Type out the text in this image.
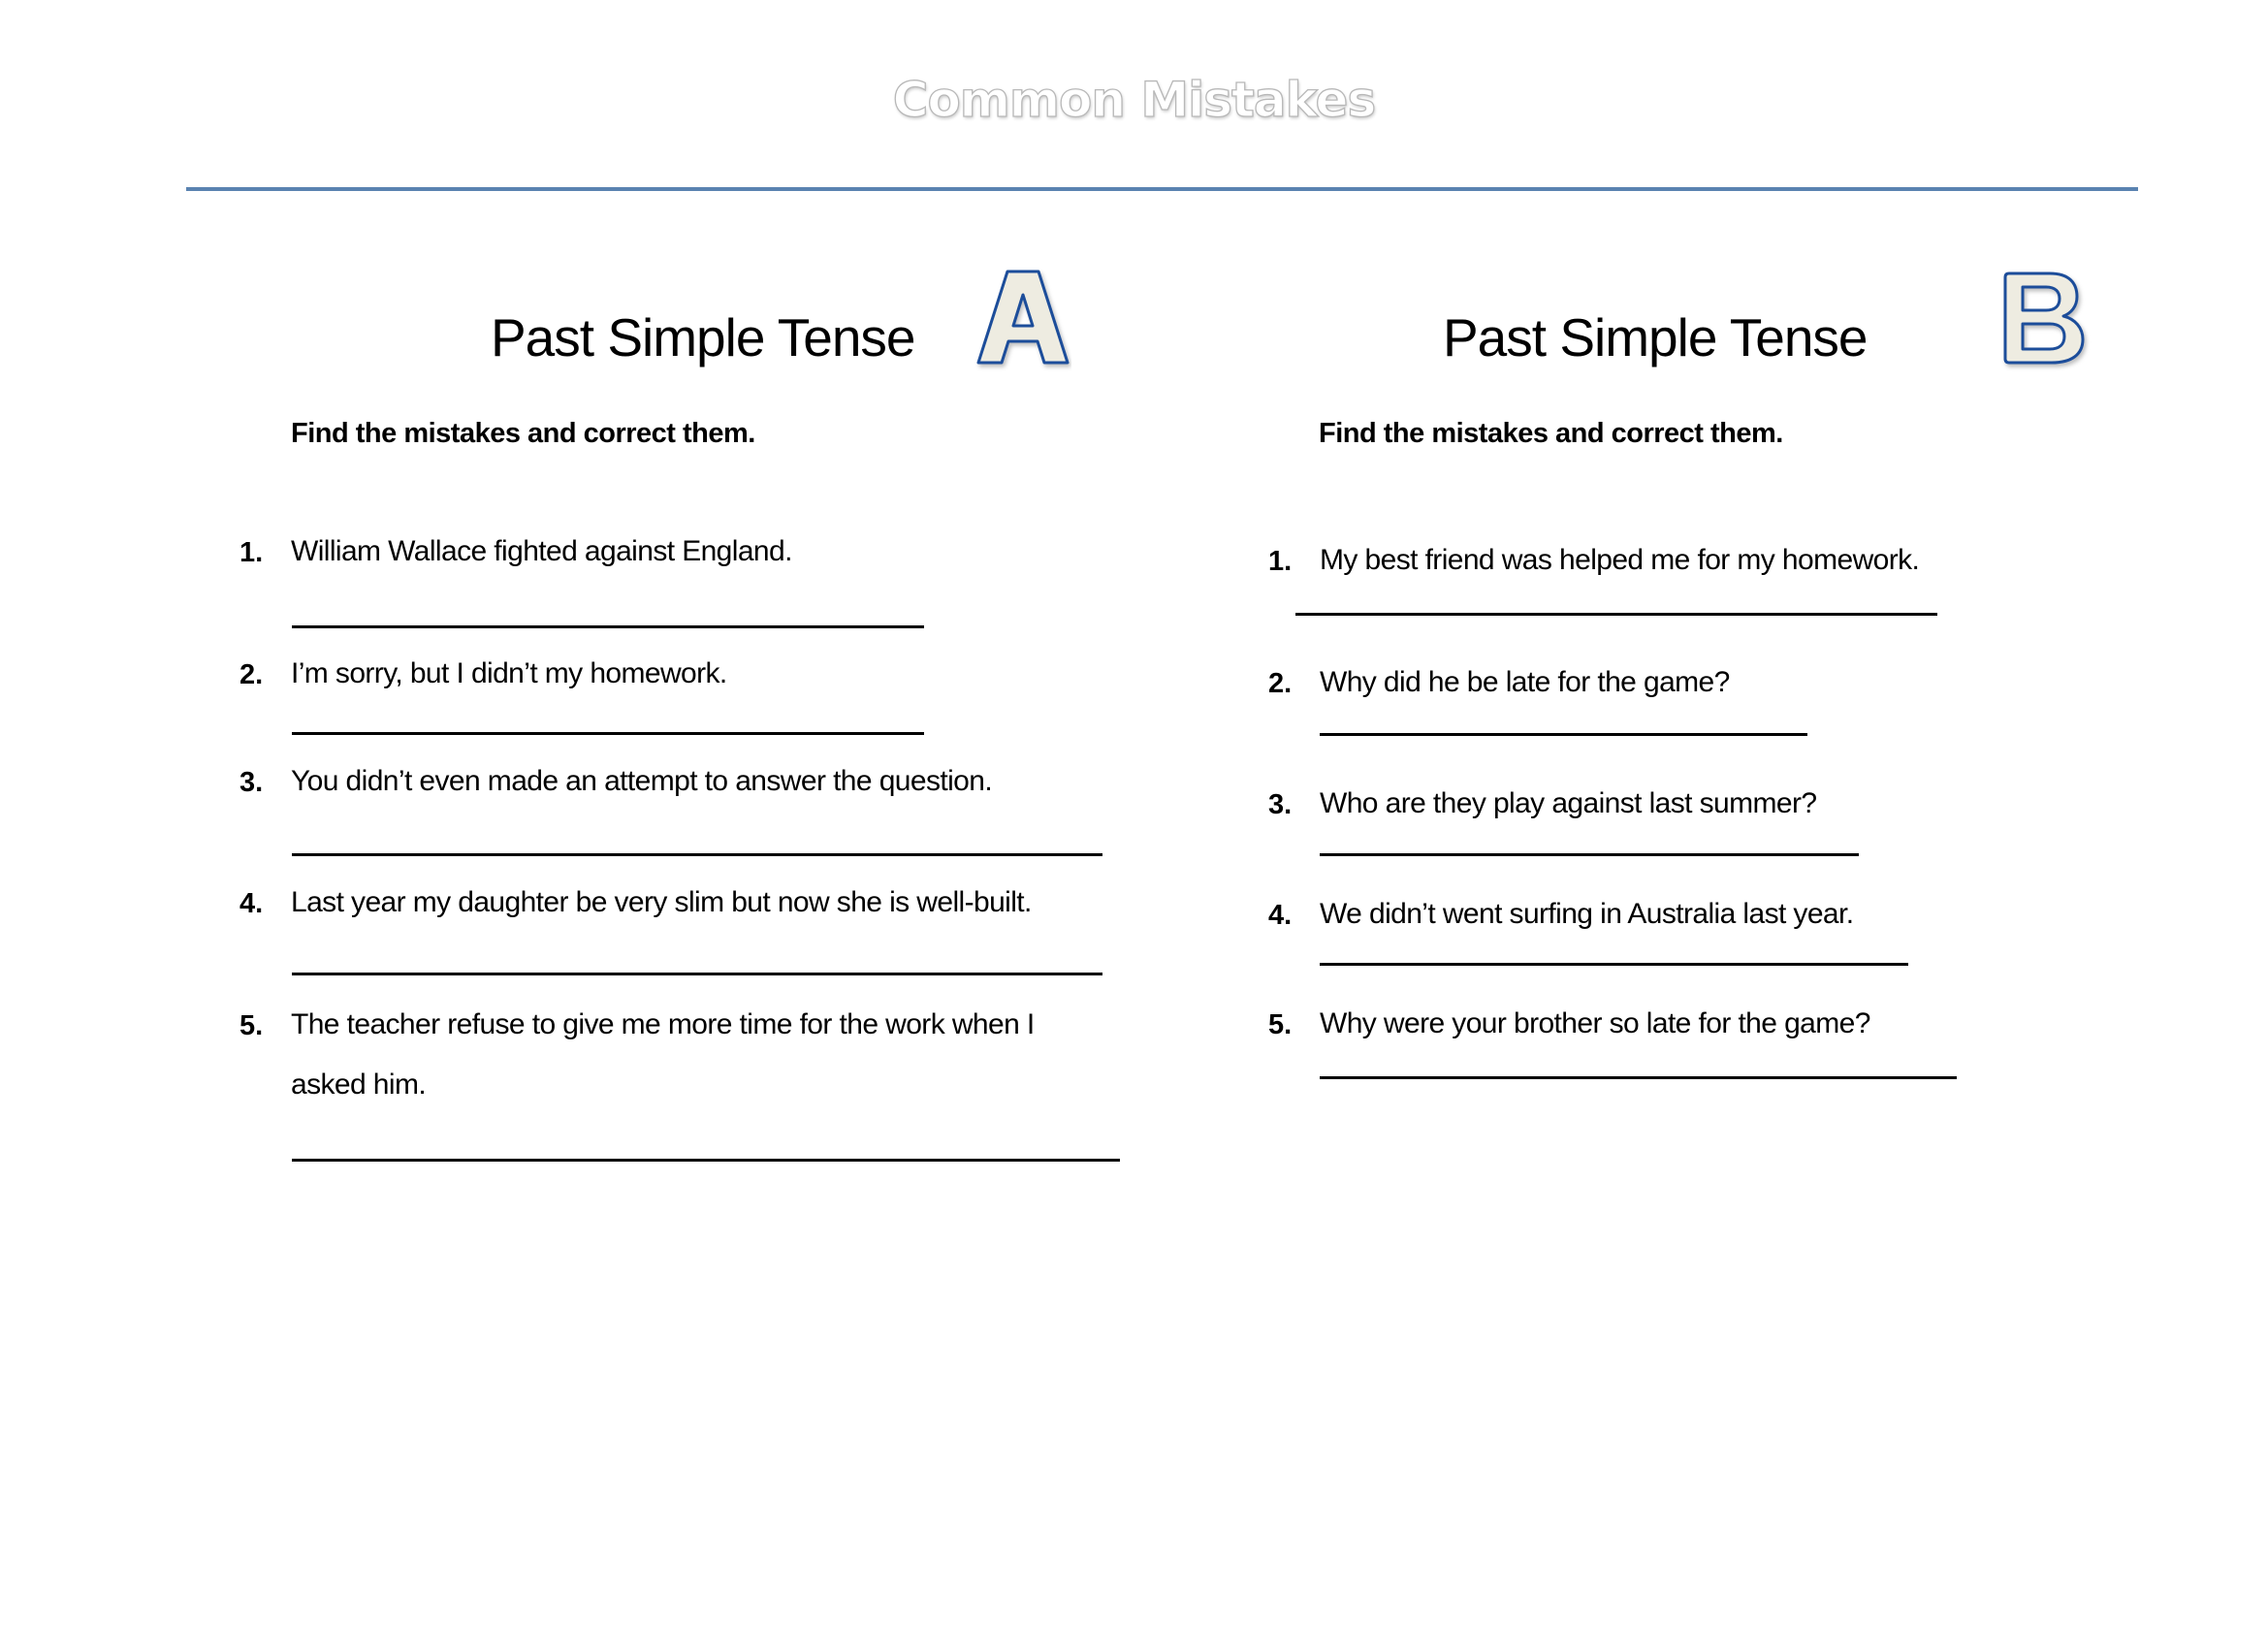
Common Mistakes
Past Simple Tense
Find the mistakes and correct them.
1. William Wallace fighted against England.
2. I’m sorry, but I didn’t my homework.
3. You didn’t even made an attempt to answer the question.
4. Last year my daughter be very slim but now she is well-built.
5. The teacher refuse to give me more time for the work when I
asked him.
Past Simple Tense
Find the mistakes and correct them.
1. My best friend was helped me for my homework.
2. Why did he be late for the game?
3. Who are they play against last summer?
4. We didn’t went surfing in Australia last year.
5. Why were your brother so late for the game?
